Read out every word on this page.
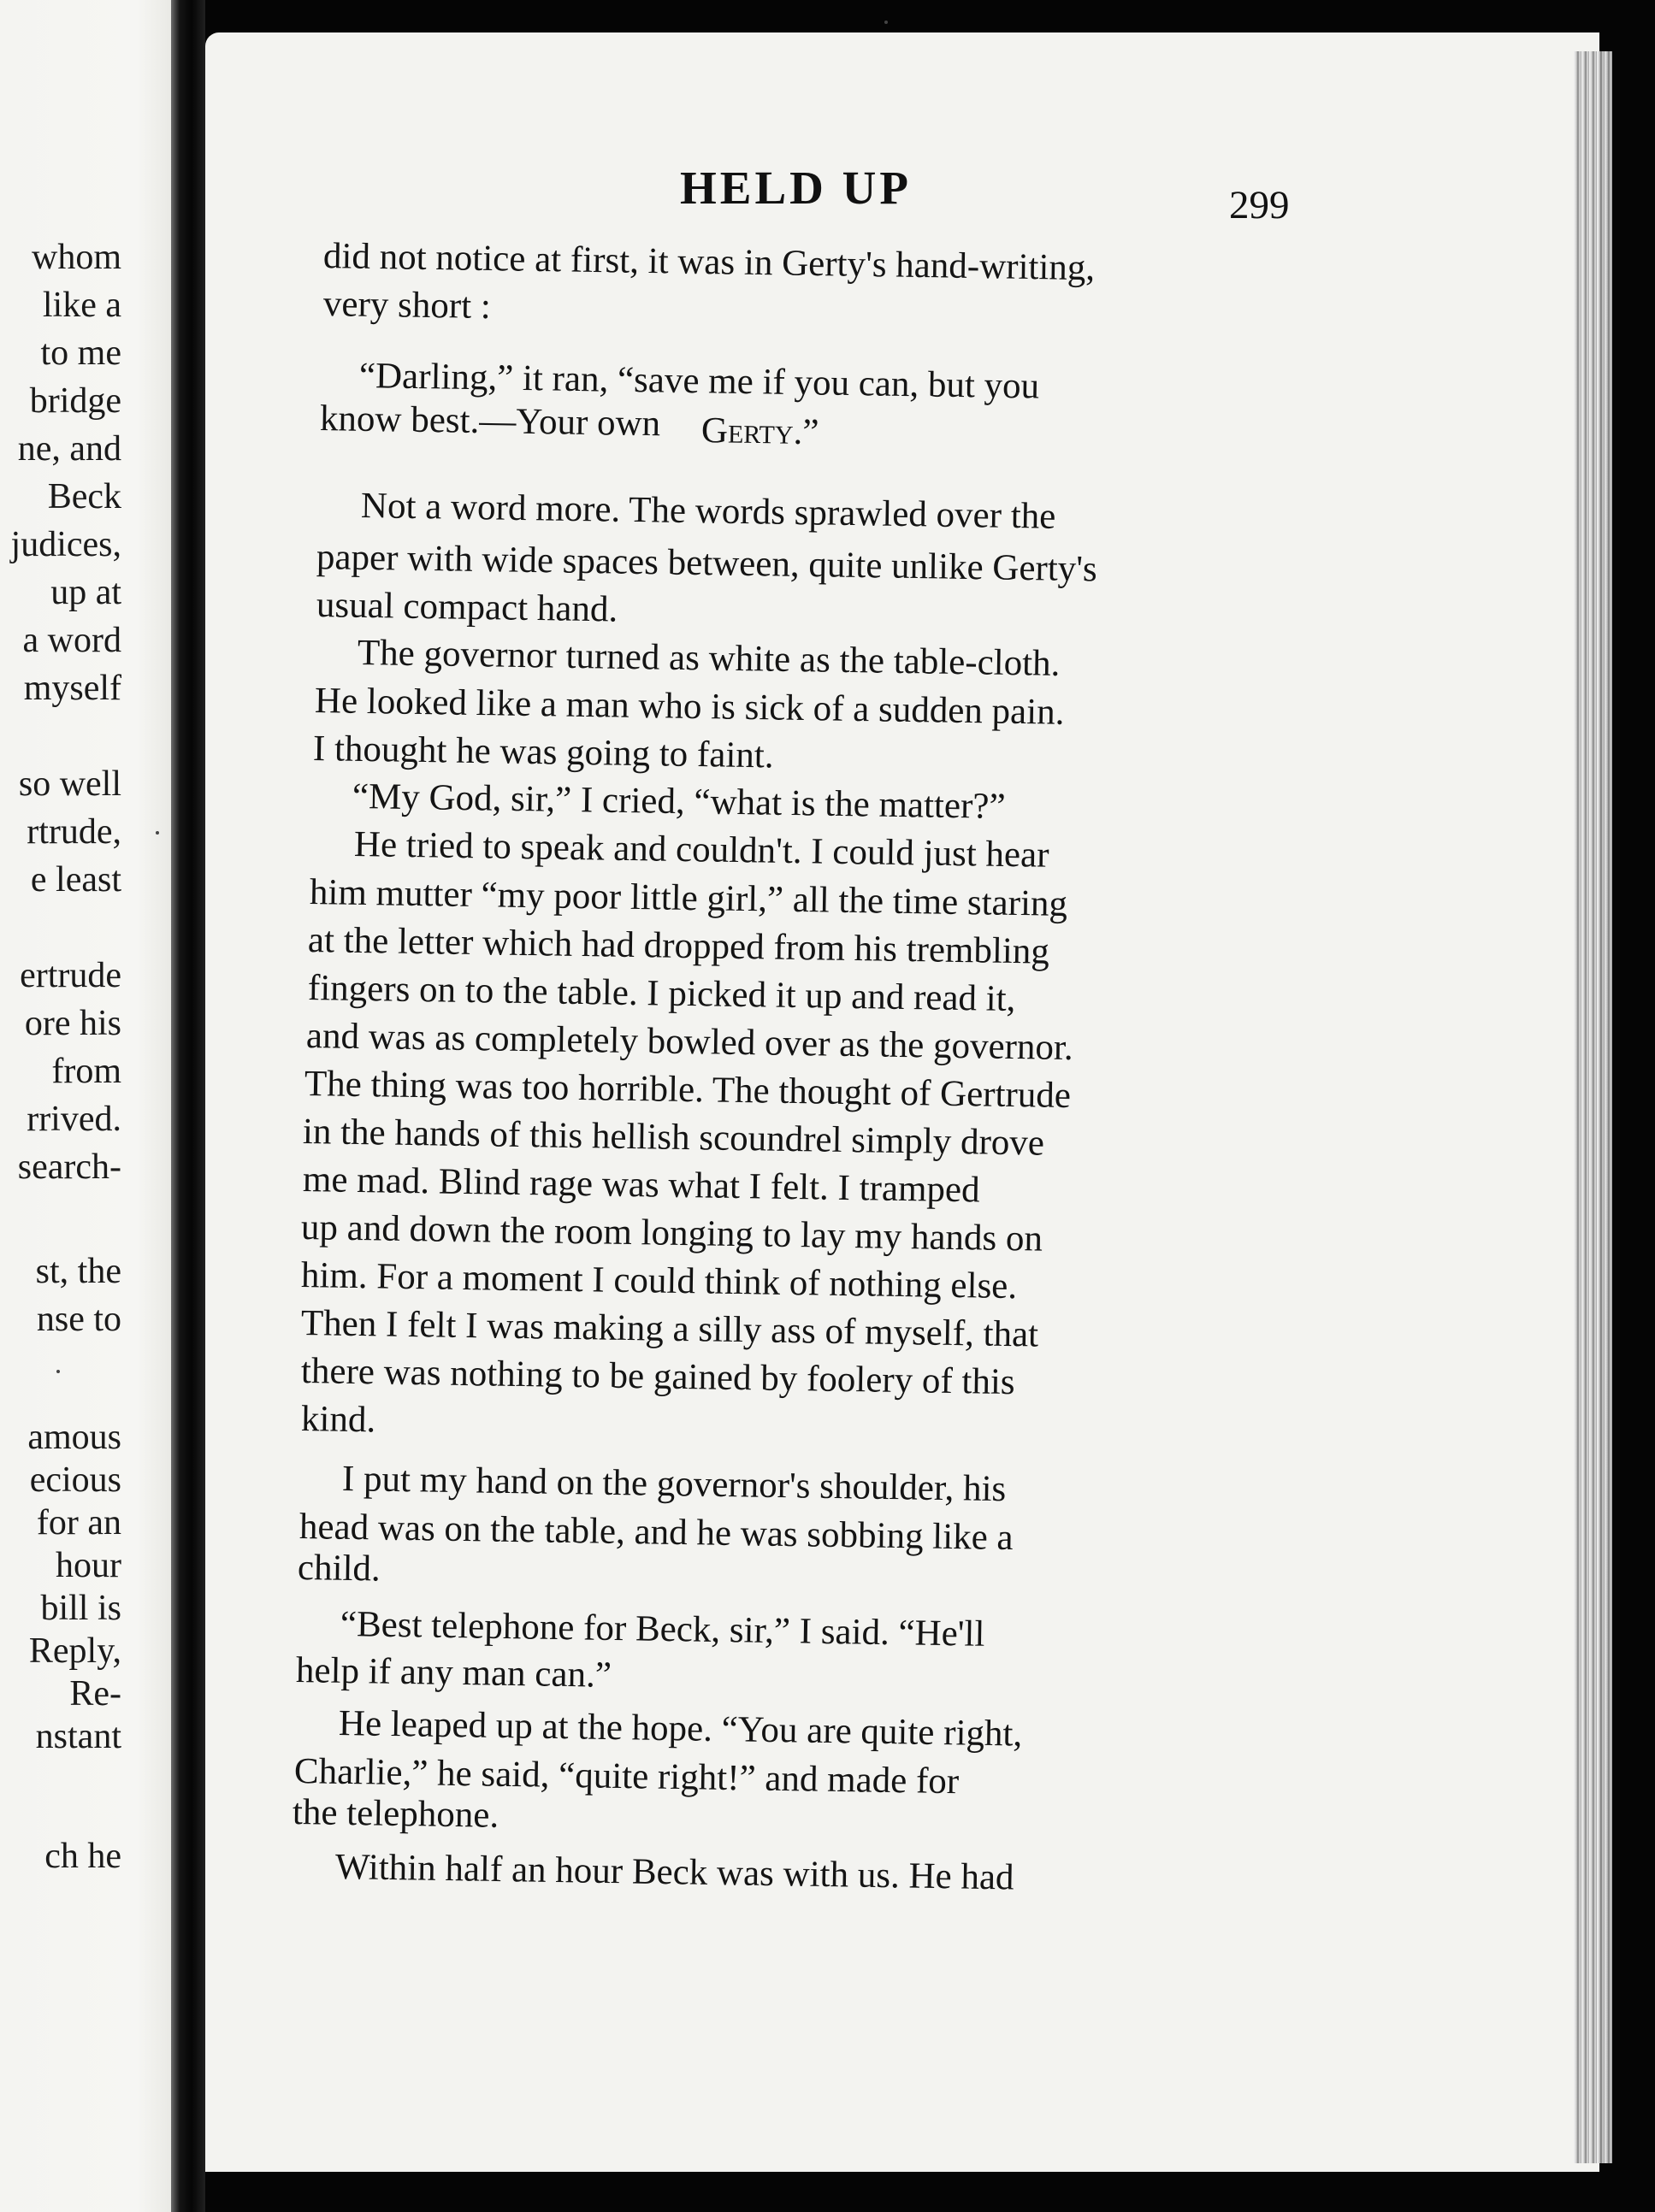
whom
like a
to me
bridge
ne, and
Beck
judices,
up at
a word
myself
so well
rtrude,
e least
ertrude
ore his
from
rrived.
search-
st, the
nse to
amous
ecious
for an
hour
bill is
Reply,
Re-
nstant
ch he
HELD UP	299
did not notice at first, it was in Gerty's hand-writing,
very short :
“Darling,” it ran, “save me if you can, but you
know best.—Your own Gerty.”
Not a word more. The words sprawled over the
paper with wide spaces between, quite unlike Gerty's
usual compact hand.
The governor turned as white as the table-cloth.
He looked like a man who is sick of a sudden pain.
I thought he was going to faint.
“My God, sir,” I cried, “what is the matter?”
He tried to speak and couldn't. I could just hear
him mutter “my poor little girl,” all the time staring
at the letter which had dropped from his trembling
fingers on to the table. I picked it up and read it,
and was as completely bowled over as the governor.
The thing was too horrible. The thought of Gertrude
in the hands of this hellish scoundrel simply drove
me mad. Blind rage was what I felt. I tramped
up and down the room longing to lay my hands on
him. For a moment I could think of nothing else.
Then I felt I was making a silly ass of myself, that
there was nothing to be gained by foolery of this
kind.
I put my hand on the governor's shoulder, his
head was on the table, and he was sobbing like a
child.
“Best telephone for Beck, sir,” I said. “He'll
help if any man can.”
He leaped up at the hope. “You are quite right,
Charlie,” he said, “quite right!” and made for
the telephone.
Within half an hour Beck was with us. He had
